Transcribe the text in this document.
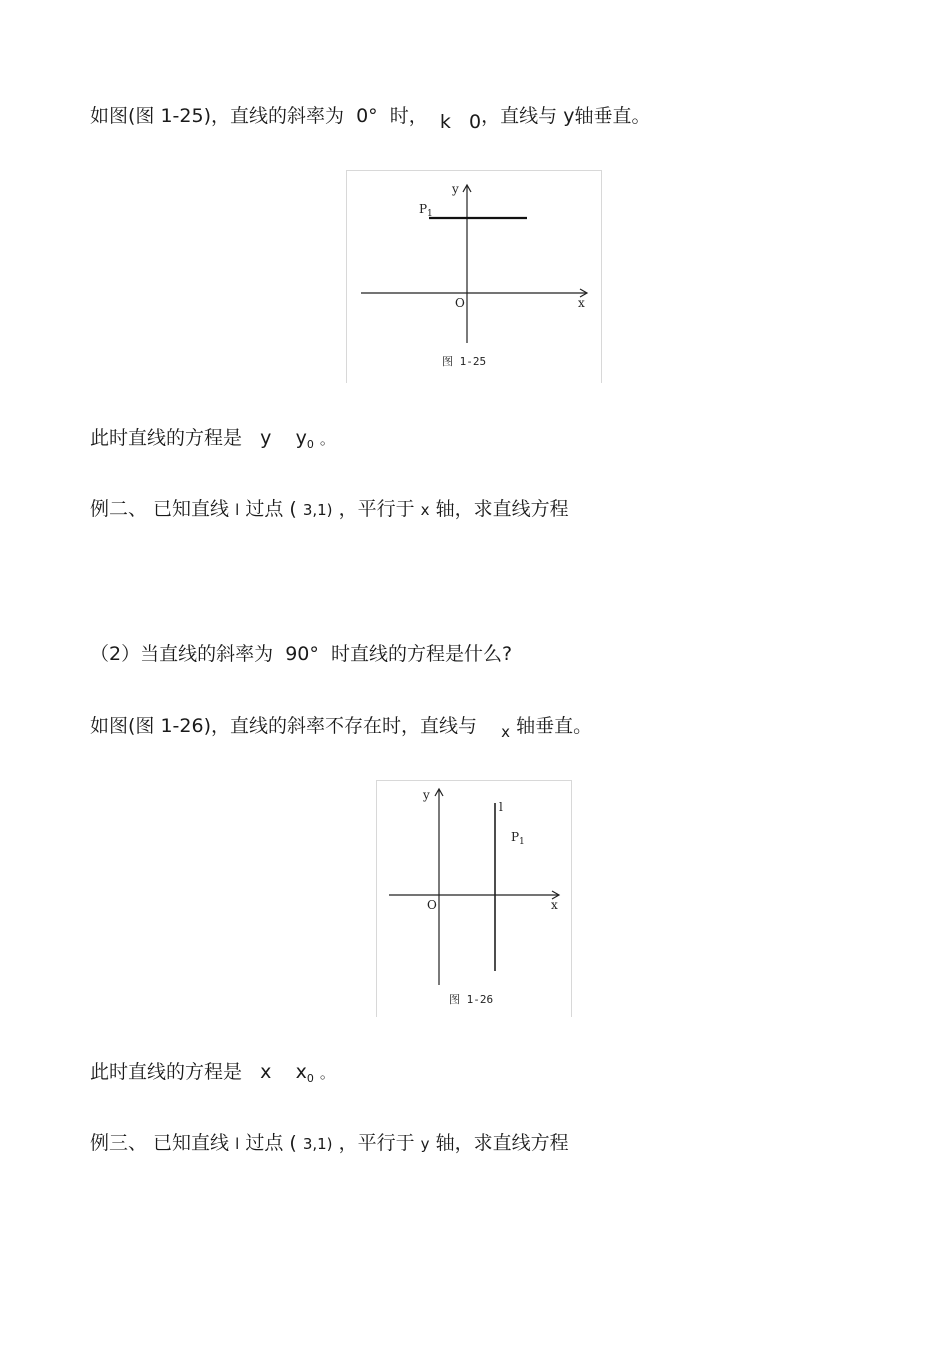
如图(图 1-25)，直线的斜率为 0° 时， k 0，直线与 y轴垂直。
y
x
O
P 1
图 1-25
此时直线的方程是 y $y_0$ 。
例二、 已知直线 l 过点 ( 3,1) ，平行于 x 轴，求直线方程
（2）当直线的斜率为 90° 时直线的方程是什么?
如图(图 1-26)，直线的斜率不存在时，直线与 $_x$ 轴垂直。
y
x
O
l
P 1
图 1-26
此时直线的方程是 x $x_0$ 。
例三、 已知直线 l 过点 ( 3,1) ，平行于 y 轴，求直线方程
